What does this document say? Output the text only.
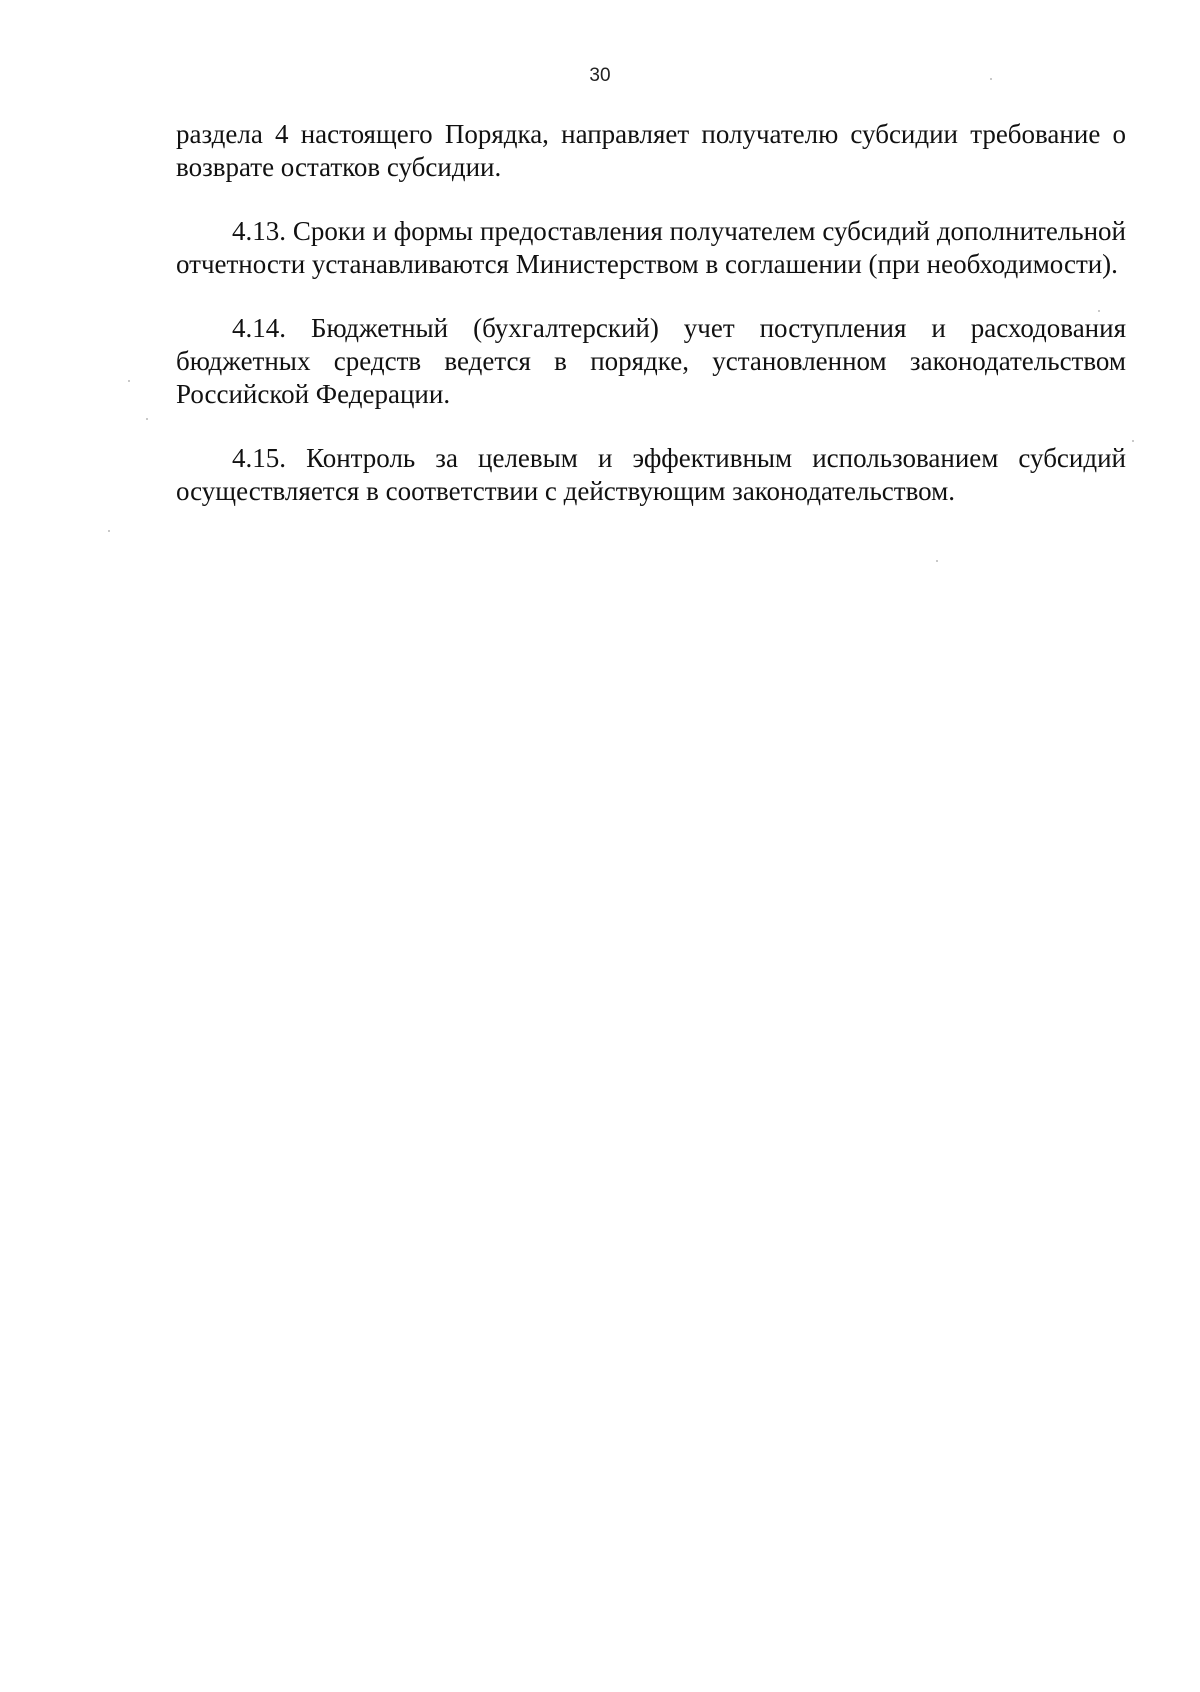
30

раздела 4 настоящего Порядка, направляет получателю субсидии требование о возврате остатков субсидии.

4.13. Сроки и формы предоставления получателем субсидий дополнительной отчетности устанавливаются Министерством в соглашении (при необходимости).

4.14. Бюджетный (бухгалтерский) учет поступления и расходования бюджетных средств ведется в порядке, установленном законодательством Российской Федерации.

4.15. Контроль за целевым и эффективным использованием субсидий осуществляется в соответствии с действующим законодательством.
